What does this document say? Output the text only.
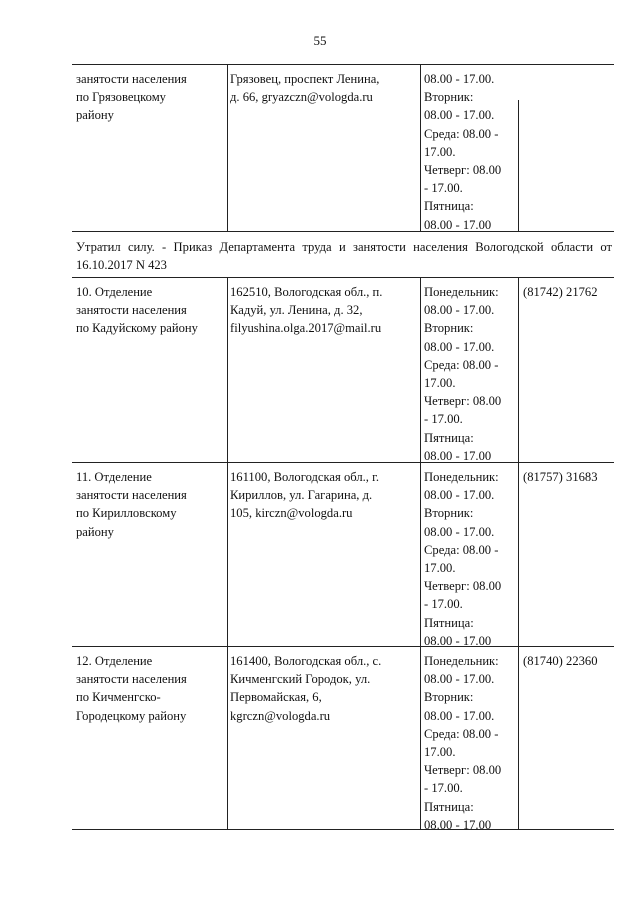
55
занятости населения
по Грязовецкому
району
Грязовец, проспект Ленина,
д. 66, gryazczn@vologda.ru
08.00 - 17.00.
Вторник:
08.00 - 17.00.
Среда: 08.00 -
17.00.
Четверг: 08.00
- 17.00.
Пятница:
08.00 - 17.00
Утратил силу. - Приказ Департамента труда и занятости населения Вологодской области от 16.10.2017 N 423
10. Отделение
занятости населения
по Кадуйскому району
162510, Вологодская обл., п.
Кадуй, ул. Ленина, д. 32,
filyushina.olga.2017@mail.ru
Понедельник:
08.00 - 17.00.
Вторник:
08.00 - 17.00.
Среда: 08.00 -
17.00.
Четверг: 08.00
- 17.00.
Пятница:
08.00 - 17.00
(81742) 21762
11. Отделение
занятости населения
по Кирилловскому
району
161100, Вологодская обл., г.
Кириллов, ул. Гагарина, д.
105, kirczn@vologda.ru
Понедельник:
08.00 - 17.00.
Вторник:
08.00 - 17.00.
Среда: 08.00 -
17.00.
Четверг: 08.00
- 17.00.
Пятница:
08.00 - 17.00
(81757) 31683
12. Отделение
занятости населения
по Кичменгско-
Городецкому району
161400, Вологодская обл., с.
Кичменгский Городок, ул.
Первомайская, 6,
kgrczn@vologda.ru
Понедельник:
08.00 - 17.00.
Вторник:
08.00 - 17.00.
Среда: 08.00 -
17.00.
Четверг: 08.00
- 17.00.
Пятница:
08.00 - 17.00
(81740) 22360
